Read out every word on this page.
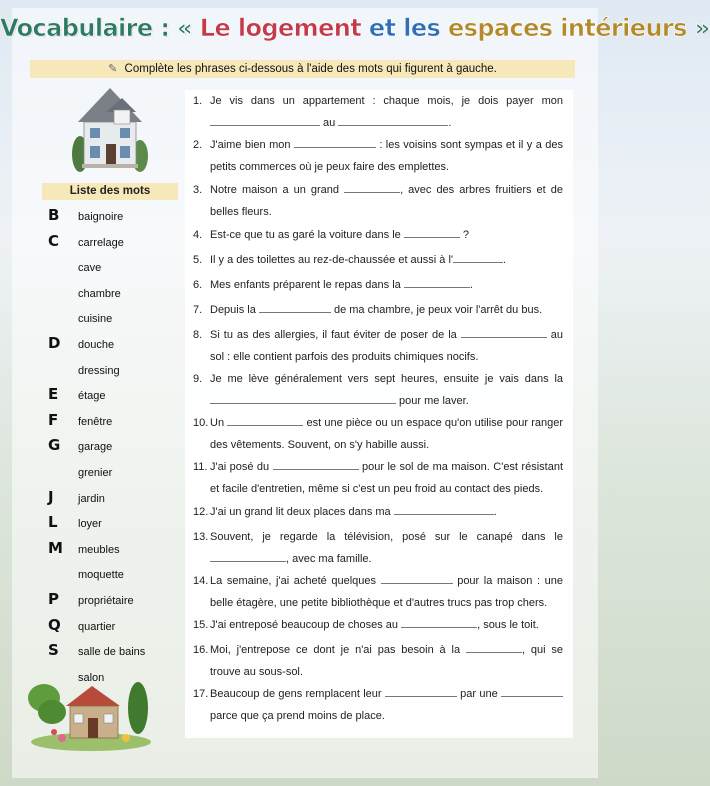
Vocabulaire : « Le logement et les espaces intérieurs »
✎ Complète les phrases ci-dessous à l'aide des mots qui figurent à gauche.
Liste des mots
B baignoire
C carrelage
cave
chambre
cuisine
D douche
dressing
E étage
F fenêtre
G garage
grenier
J jardin
L loyer
M meubles
moquette
P propriétaire
Q quartier
S salle de bains
salon
1. Je vis dans un appartement : chaque mois, je dois payer mon  au	.
2. J'aime bien mon	: les voisins sont sympas et il y a des petits commerces où je peux faire des emplettes.
3. Notre maison a un grand	, avec des arbres fruitiers et de belles fleurs.
4. Est-ce que tu as garé la voiture dans le	?
5. Il y a des toilettes au rez-de-chaussée et aussi à l'	.
6. Mes enfants préparent le repas dans la	.
7. Depuis la	de ma chambre, je peux voir l'arrêt du bus.
8. Si tu as des allergies, il faut éviter de poser de la	au sol : elle contient parfois des produits chimiques nocifs.
9. Je me lève généralement vers sept heures, ensuite je vais dans la  pour me laver.
10. Un	est une pièce ou un espace qu'on utilise pour ranger des vêtements. Souvent, on s'y habille aussi.
11. J'ai posé du	pour le sol de ma maison. C'est résistant et facile d'entretien, même si c'est un peu froid au contact des pieds.
12. J'ai un grand lit deux places dans ma	.
13. Souvent, je regarde la télévision, posé sur le canapé dans le , avec ma famille.
14. La semaine, j'ai acheté quelques	pour la maison : une belle étagère, une petite bibliothèque et d'autres trucs pas trop chers.
15. J'ai entreposé beaucoup de choses au	, sous le toit.
16. Moi, j'entrepose ce dont je n'ai pas besoin à la	, qui se trouve au sous-sol.
17. Beaucoup de gens remplacent leur	par une  parce que ça prend moins de place.
